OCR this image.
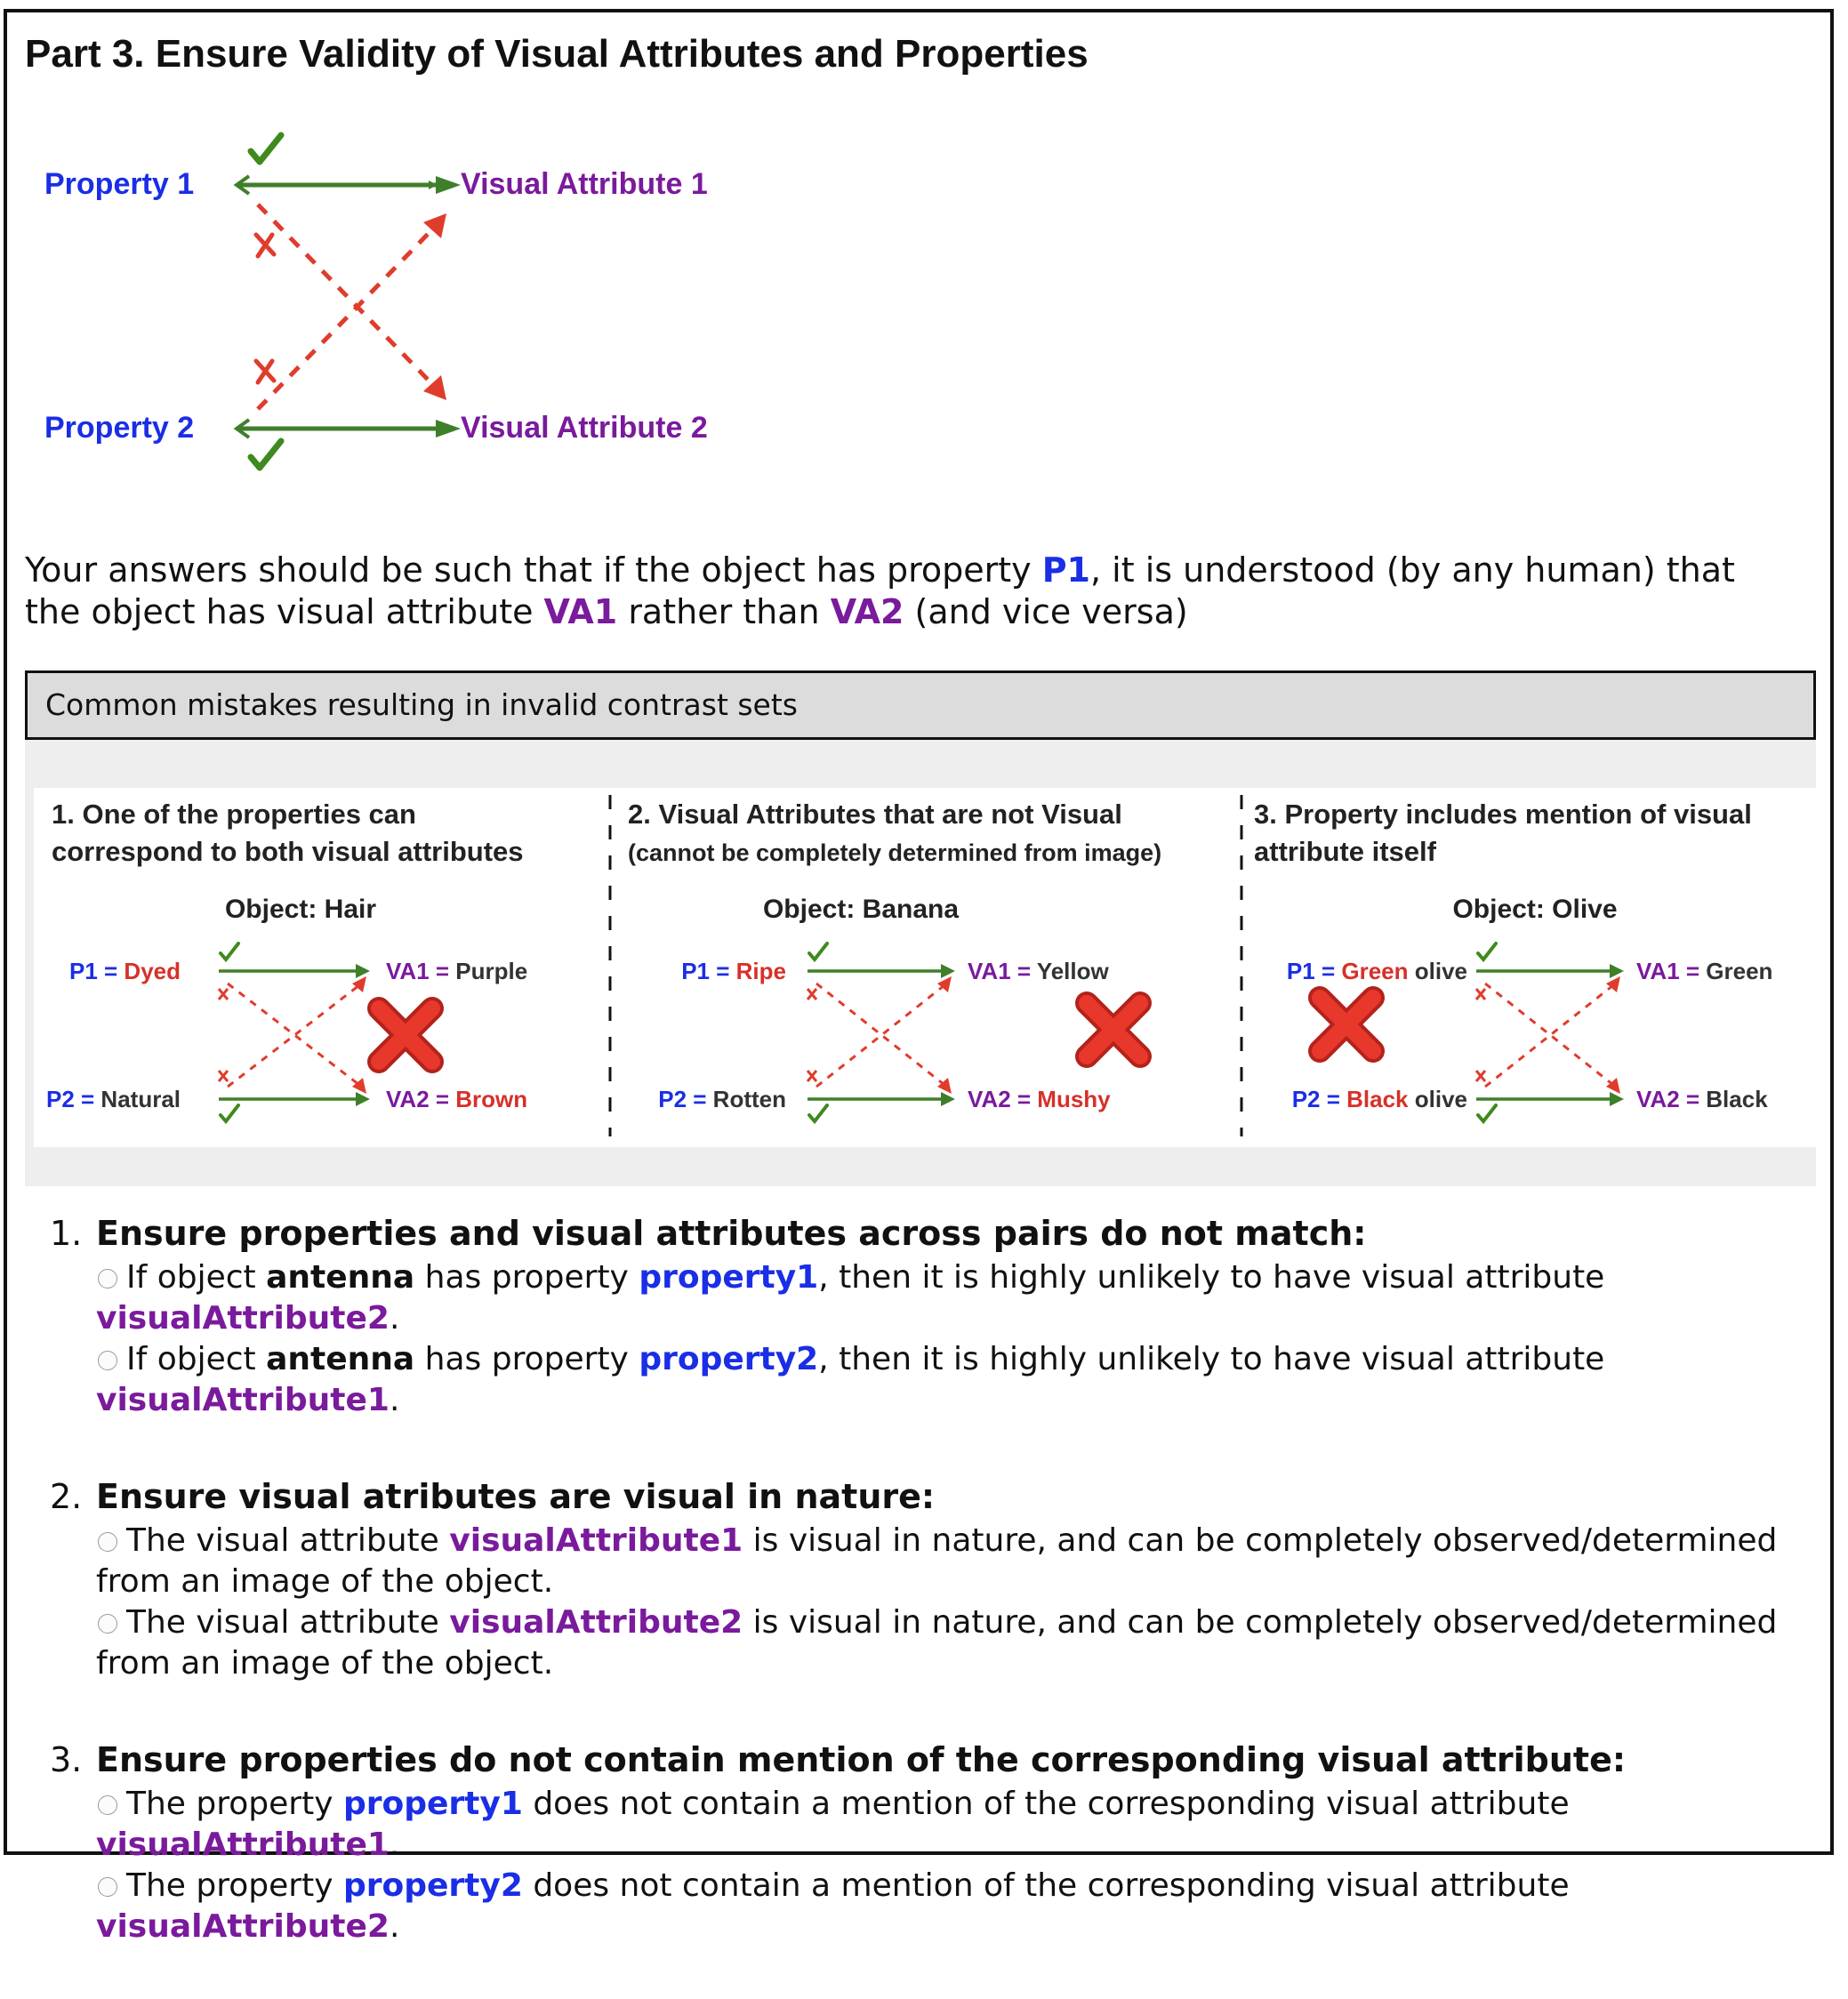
Part 3. Ensure Validity of Visual Attributes and Properties
Property 1
Property 2
Visual Attribute 1
Visual Attribute 2
Your answers should be such that if the object has property P1, it is understood (by any human) that the object has visual attribute VA1 rather than VA2 (and vice versa)
Common mistakes resulting in invalid contrast sets
1. One of the properties can
correspond to both visual attributes
Object: Hair
P1 = Dyed
P2 = Natural
VA1 = Purple
VA2 = Brown
2. Visual Attributes that are not Visual
(cannot be completely determined from image)
Object: Banana
P1 = Ripe
P2 = Rotten
VA1 = Yellow
VA2 = Mushy
3. Property includes mention of visual
attribute itself
Object: Olive
P1 = Green olive
P2 = Black olive
VA1 = Green
VA2 = Black
1. Ensure properties and visual attributes across pairs do not match:
If object antenna has property property1, then it is highly unlikely to have visual attribute visualAttribute2.
If object antenna has property property2, then it is highly unlikely to have visual attribute visualAttribute1.
2. Ensure visual atributes are visual in nature:
The visual attribute visualAttribute1 is visual in nature, and can be completely observed/determined from an image of the object.
The visual attribute visualAttribute2 is visual in nature, and can be completely observed/determined from an image of the object.
3. Ensure properties do not contain mention of the corresponding visual attribute:
The property property1 does not contain a mention of the corresponding visual attribute visualAttribute1.
The property property2 does not contain a mention of the corresponding visual attribute visualAttribute2.
